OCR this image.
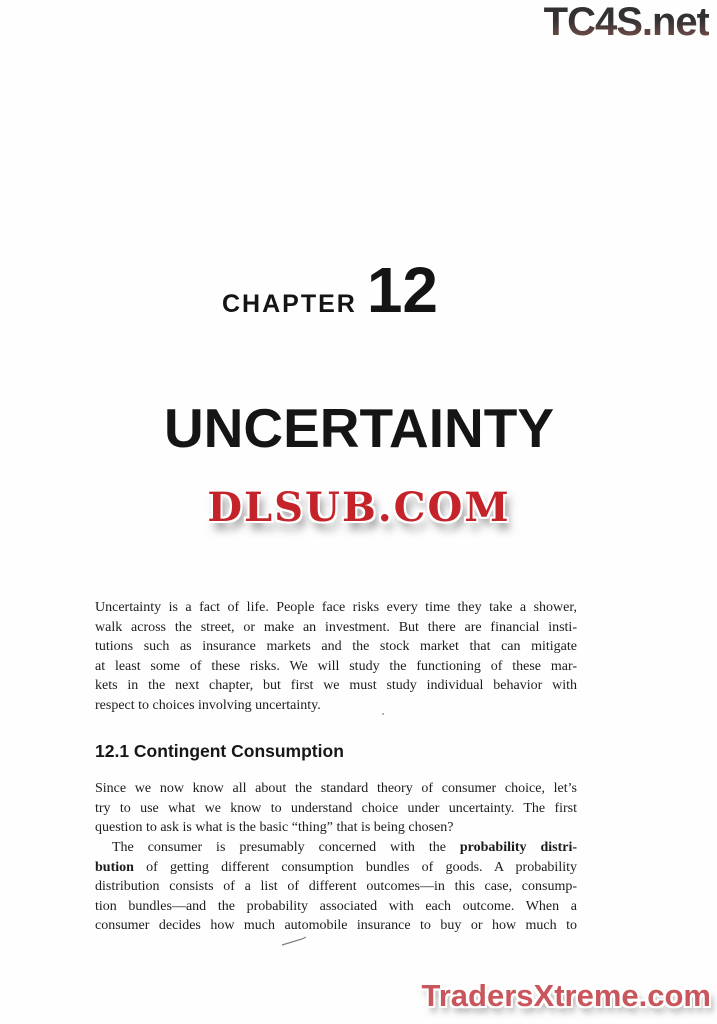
TC4S.net
CHAPTER 12
UNCERTAINTY
DLSUB.COM
Uncertainty is a fact of life. People face risks every time they take a shower,
walk across the street, or make an investment. But there are financial insti-
tutions such as insurance markets and the stock market that can mitigate
at least some of these risks. We will study the functioning of these mar-
kets in the next chapter, but first we must study individual behavior with
respect to choices involving uncertainty.
12.1 Contingent Consumption
Since we now know all about the standard theory of consumer choice, let’s
try to use what we know to understand choice under uncertainty. The first
question to ask is what is the basic “thing” that is being chosen?
The consumer is presumably concerned with the probability distri-
bution of getting different consumption bundles of goods. A probability
distribution consists of a list of different outcomes—in this case, consump-
tion bundles—and the probability associated with each outcome. When a
consumer decides how much automobile insurance to buy or how much to
TradersXtreme.com
